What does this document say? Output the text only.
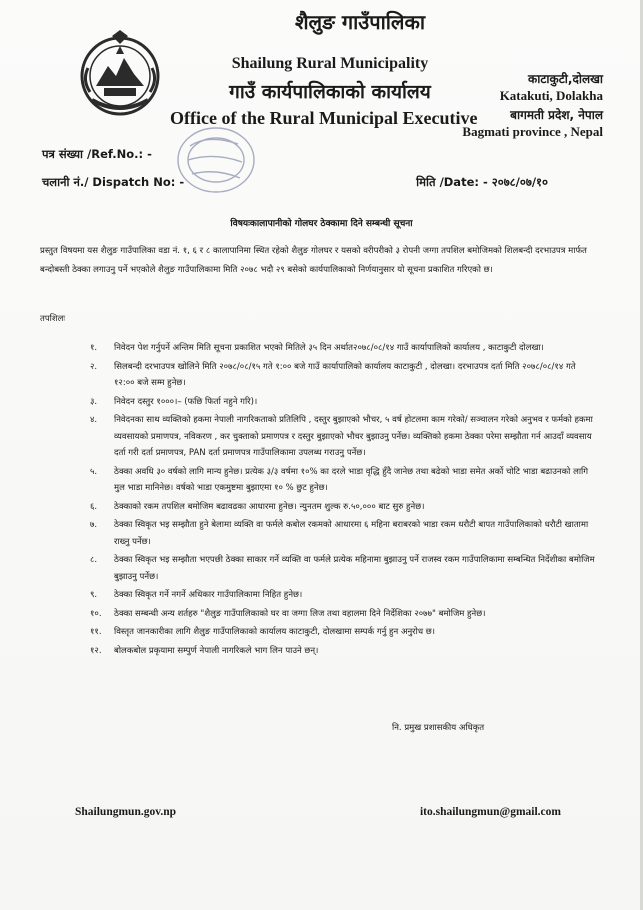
शैलुङ गाउँपालिका
Shailung Rural Municipality
गाउँ कार्यपालिकाको कार्यालय
Office of the Rural Municipal Executive
काटाकुटी,दोलखा
Katakuti, Dolakha
बागमती प्रदेश, नेपाल
Bagmati province , Nepal
पत्र संख्या /Ref.No.: -
चलानी नं./ Dispatch No: -	मिति /Date: - २०७८/०७/१०
विषयःकालापानीको गोलघर ठेक्कामा दिने सम्बन्धी सूचना
प्रस्तुत विषयमा यस शैलुङ गाउँपालिका वडा नं. १, ६ र ८ कालापानिमा स्थित रहेको शैलुङ गोलघर र यसको वरीपरीको ३ रोपनी जग्गा तपशिल बमोजिमको शिलबन्दी दरभाउपत्र मार्फत बन्दोबस्ती ठेक्का लगाउनु पर्ने भएकोले शैलुङ गाउँपालिकामा मिति २०७८ भदौ २९ बसेको कार्यपालिकाको निर्णयानुसार यो सूचना प्रकाशित गरिएको छ।
तपशिलः
१. निवेदन पेश गर्नुपर्ने अन्तिम मिति सूचना प्रकाशित भएको मितिले ३५ दिन अर्थात२०७८/०८/१४ गाउँ कार्यापालिको कार्यालय , काटाकुटी दोलखा।
२. सिलबन्दी दरभाउपत्र खोलिने मिति २०७८/०८/१५ गते १:०० बजे गाउँ कार्यापालिको कार्यालय काटाकुटी , दोलखा। दरभाउपत्र दर्ता मिति २०७८/०८/१४ गते १२:०० बजे सम्म हुनेछ।
३. निवेदन दस्तुर १०००।– (फछि फिर्ता नहुने गरि)।
४. निवेदनका साथ व्यक्तिको हकमा नेपाली नागरिकताको प्रतिलिपि , दस्तुर बुझाएको भौचर, ५ वर्ष होटलमा काम गरेको/ सञ्चालन गरेको अनुभव र फर्मको हकमा व्यवसायको प्रमाणपत्र, नविकरण , कर चुक्ताको प्रमाणपत्र र दस्तुर बुझाएको भौचर बुझाउनु पर्नेछ। व्यक्तिको हकमा ठेक्का परेमा सम्झौता गर्न आउदाँ व्यवसाय दर्ता गरी दर्ता प्रमाणपत्र, PAN दर्ता प्रमाणपत्र गाउँपालिकामा उपलब्ध गराउनु पर्नेछ।
५. ठेक्का अवधि ३० वर्षको लागि मान्य हुनेछ। प्रत्येक ३/३ वर्षमा १०% का दरले भाडा वृद्धि हुँदै जानेछ तथा बढेको भाडा समेत अर्को चोटि भाडा बढाउनको लागि मुल भाडा मानिनेछ। वर्षको भाडा एकमुष्टमा बुझाएमा १० % छुट हुनेछ।
६. ठेक्काको रकम तपशिल बमोजिम बढावढका आधारमा हुनेछ। न्युनतम शुल्क रु.५०,००० बाट सुरु हुनेछ।
७. ठेक्का स्विकृत भइ सम्झौता हुने बेलामा व्यक्ति वा फर्मले कबोल रकमको आधारमा ६ महिना बराबरको भाडा रकम धरौटी बापत गाउँपालिकाको धरौटी खातामा राख्नु पर्नेछ।
८. ठेक्का स्विकृत भइ सम्झौता भएपछी ठेक्का साकार गर्ने व्यक्ति वा फर्मले प्रत्येक महिनामा बुझाउनु पर्ने राजस्व रकम गाउँपालिकामा सम्बन्धित निर्देशीका बमोजिम बुझाउनु पर्नेछ।
९. ठेक्का स्विकृत गर्ने नगर्ने अधिकार गाउँपालिकामा निहित हुनेछ।
१०. ठेक्का सम्बन्धी अन्य शर्तहरु "शैलुङ गाउँपालिकाको घर वा जग्गा लिज तथा वहालमा दिने निर्देशिका २०७७" बमोजिम हुनेछ।
११. विस्तृत जानकारीका लागि शैलुङ गाउँपालिकाको कार्यालय काटाकुटी, दोलखामा सम्पर्क गर्नु हुन अनुरोध छ।
१२. बोलकबोल प्रकृयामा सम्पुर्ण नेपाली नागरिकले भाग लिन पाउने छन्।
नि. प्रमुख प्रशासकीय अधिकृत
Shailungmun.gov.np	ito.shailungmun@gmail.com
